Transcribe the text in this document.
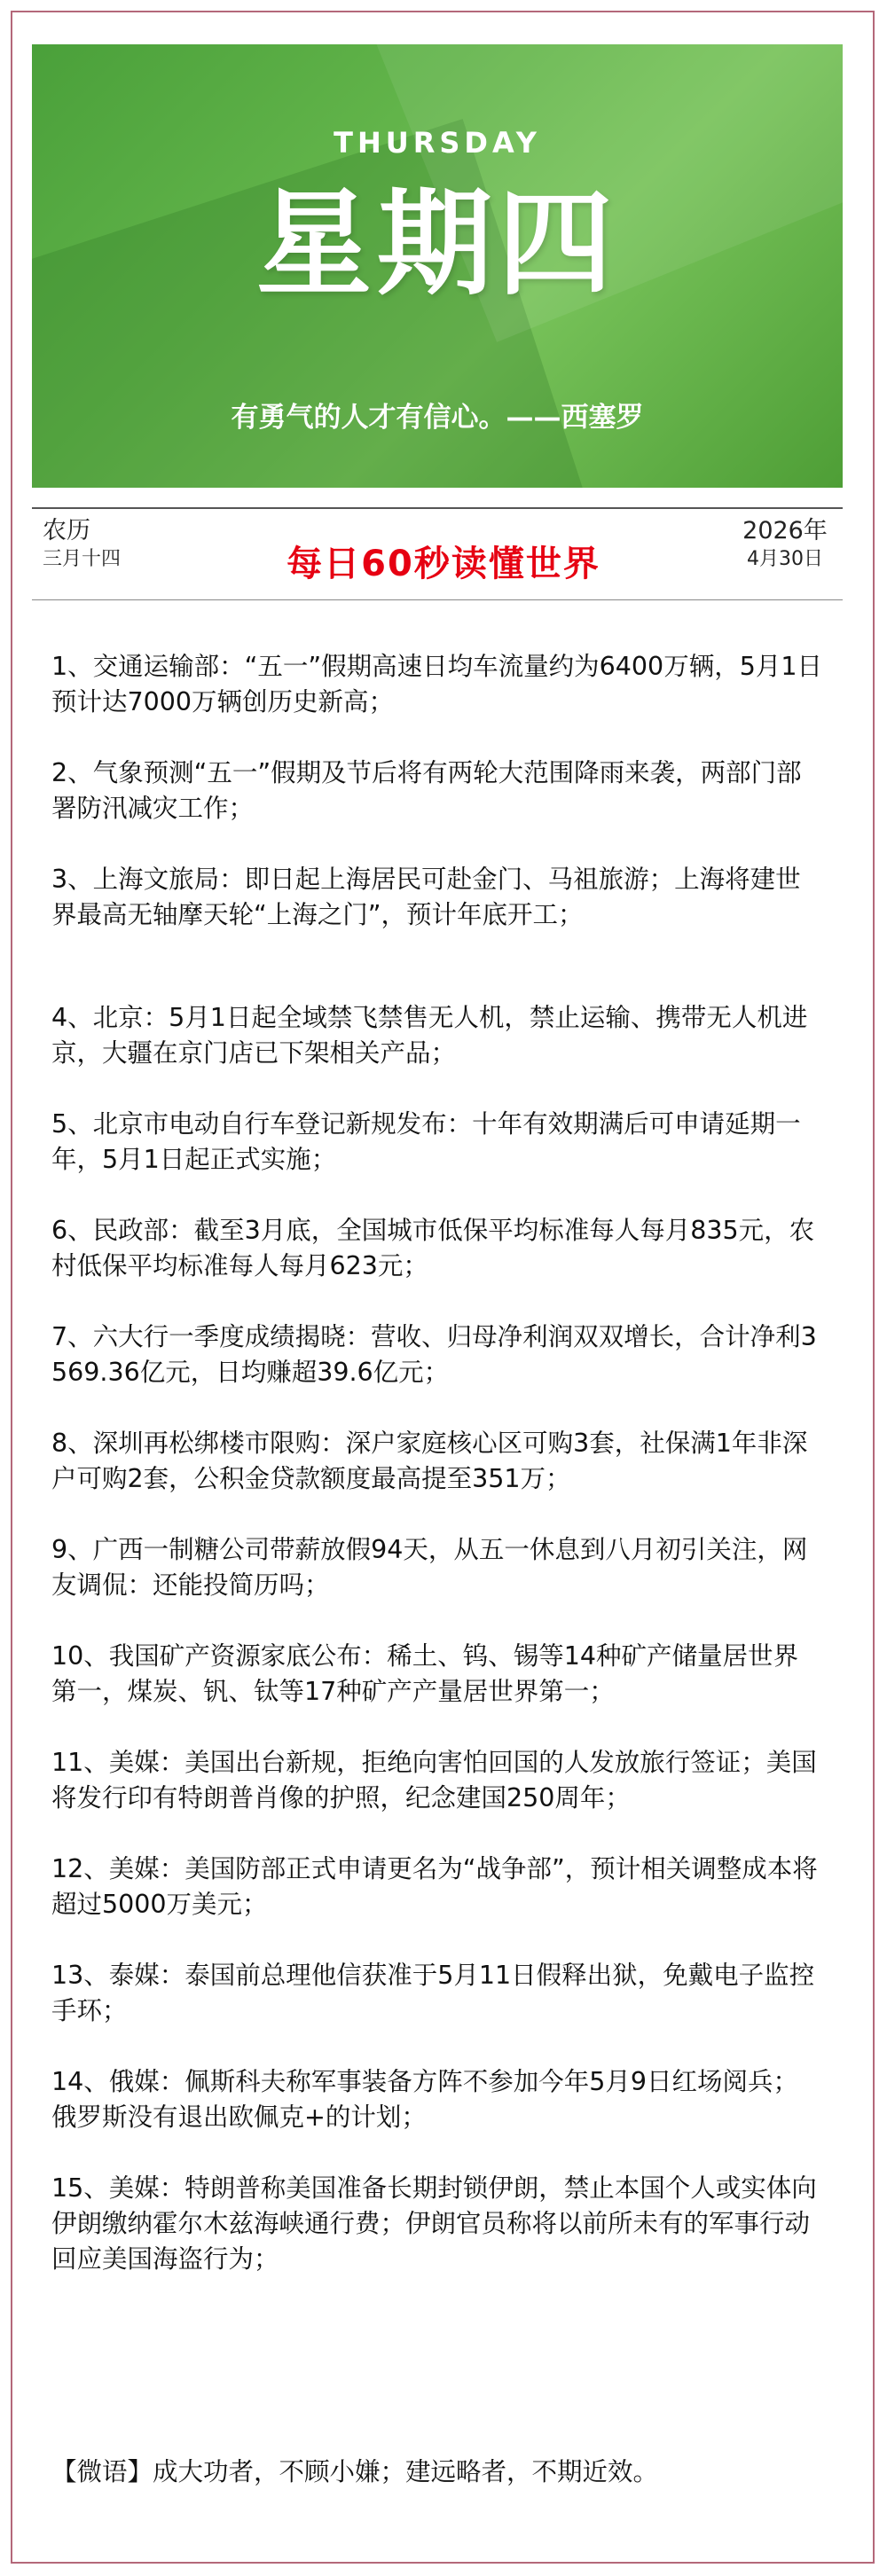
THURSDAY
星期四
有勇气的人才有信心。——西塞罗
农历
三月十四	每日60秒读懂世界
2026年
4月30日
1、交通运输部：“五一”假期高速日均车流量约为6400万辆，5月1日预计达7000万辆创历史新高；
2、气象预测“五一”假期及节后将有两轮大范围降雨来袭，两部门部署防汛减灾工作；
3、上海文旅局：即日起上海居民可赴金门、马祖旅游；上海将建世界最高无轴摩天轮“上海之门”，预计年底开工；
4、北京：5月1日起全域禁飞禁售无人机，禁止运输、携带无人机进京，大疆在京门店已下架相关产品；
5、北京市电动自行车登记新规发布：十年有效期满后可申请延期一年，5月1日起正式实施；
6、民政部：截至3月底，全国城市低保平均标准每人每月835元，农村低保平均标准每人每月623元；
7、六大行一季度成绩揭晓：营收、归母净利润双双增长，合计净利3569.36亿元，日均赚超39.6亿元；
8、深圳再松绑楼市限购：深户家庭核心区可购3套，社保满1年非深户可购2套，公积金贷款额度最高提至351万；
9、广西一制糖公司带薪放假94天，从五一休息到八月初引关注，网友调侃：还能投简历吗；
10、我国矿产资源家底公布：稀土、钨、锡等14种矿产储量居世界第一，煤炭、钒、钛等17种矿产产量居世界第一；
11、美媒：美国出台新规，拒绝向害怕回国的人发放旅行签证；美国将发行印有特朗普肖像的护照，纪念建国250周年；
12、美媒：美国防部正式申请更名为“战争部”，预计相关调整成本将超过5000万美元；
13、泰媒：泰国前总理他信获准于5月11日假释出狱，免戴电子监控手环；
14、俄媒：佩斯科夫称军事装备方阵不参加今年5月9日红场阅兵；俄罗斯没有退出欧佩克+的计划；
15、美媒：特朗普称美国准备长期封锁伊朗，禁止本国个人或实体向伊朗缴纳霍尔木兹海峡通行费；伊朗官员称将以前所未有的军事行动回应美国海盗行为；
【微语】成大功者，不顾小嫌；建远略者，不期近效。
